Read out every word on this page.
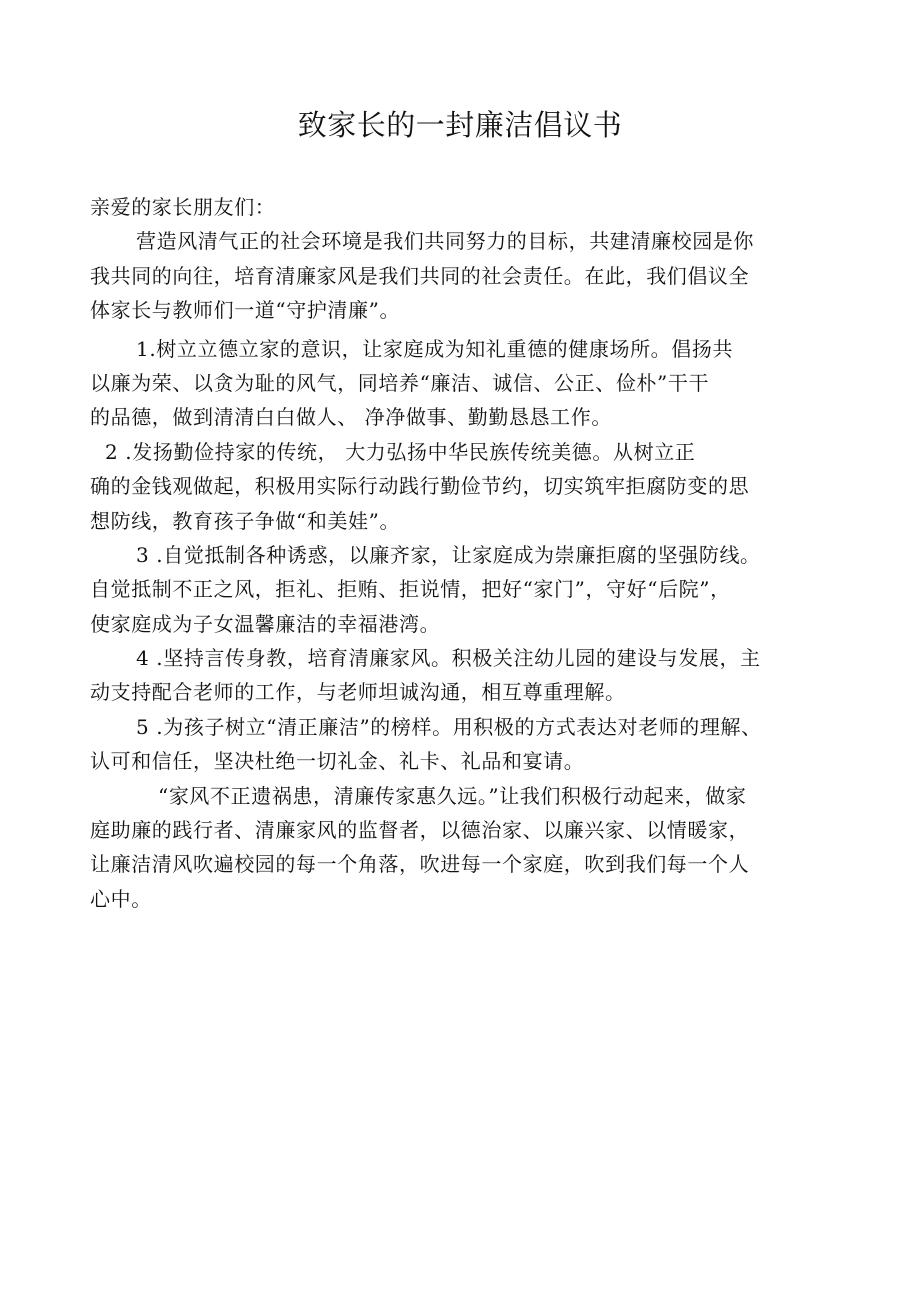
致家长的一封廉洁倡议书
亲爱的家长朋友们：
营造风清气正的社会环境是我们共同努力的目标，共建清廉校园是你
我共同的向往，培育清廉家风是我们共同的社会责任。在此，我们倡议全
体家长与教师们一道“守护清廉”。
1.树立立德立家的意识，让家庭成为知礼重德的健康场所。倡扬共
以廉为荣、以贪为耻的风气，同培养“廉洁、诚信、公正、俭朴”干干
的品德，做到清清白白做人、 净净做事、勤勤恳恳工作。
2 .发扬勤俭持家的传统， 大力弘扬中华民族传统美德。从树立正
确的金钱观做起，积极用实际行动践行勤俭节约，切实筑牢拒腐防变的思
想防线，教育孩子争做“和美娃”。
3 .自觉抵制各种诱惑，以廉齐家，让家庭成为崇廉拒腐的坚强防线。
自觉抵制不正之风，拒礼、拒贿、拒说情，把好“家门”，守好“后院”，
使家庭成为子女温馨廉洁的幸福港湾。
4 .坚持言传身教，培育清廉家风。积极关注幼儿园的建设与发展，主
动支持配合老师的工作，与老师坦诚沟通，相互尊重理解。
5 .为孩子树立“清正廉洁”的榜样。用积极的方式表达对老师的理解、
认可和信任，坚决杜绝一切礼金、礼卡、礼品和宴请。
“家风不正遗祸患，清廉传家惠久远。”让我们积极行动起来，做家
庭助廉的践行者、清廉家风的监督者，以德治家、以廉兴家、以情暖家，
让廉洁清风吹遍校园的每一个角落，吹进每一个家庭，吹到我们每一个人
心中。
